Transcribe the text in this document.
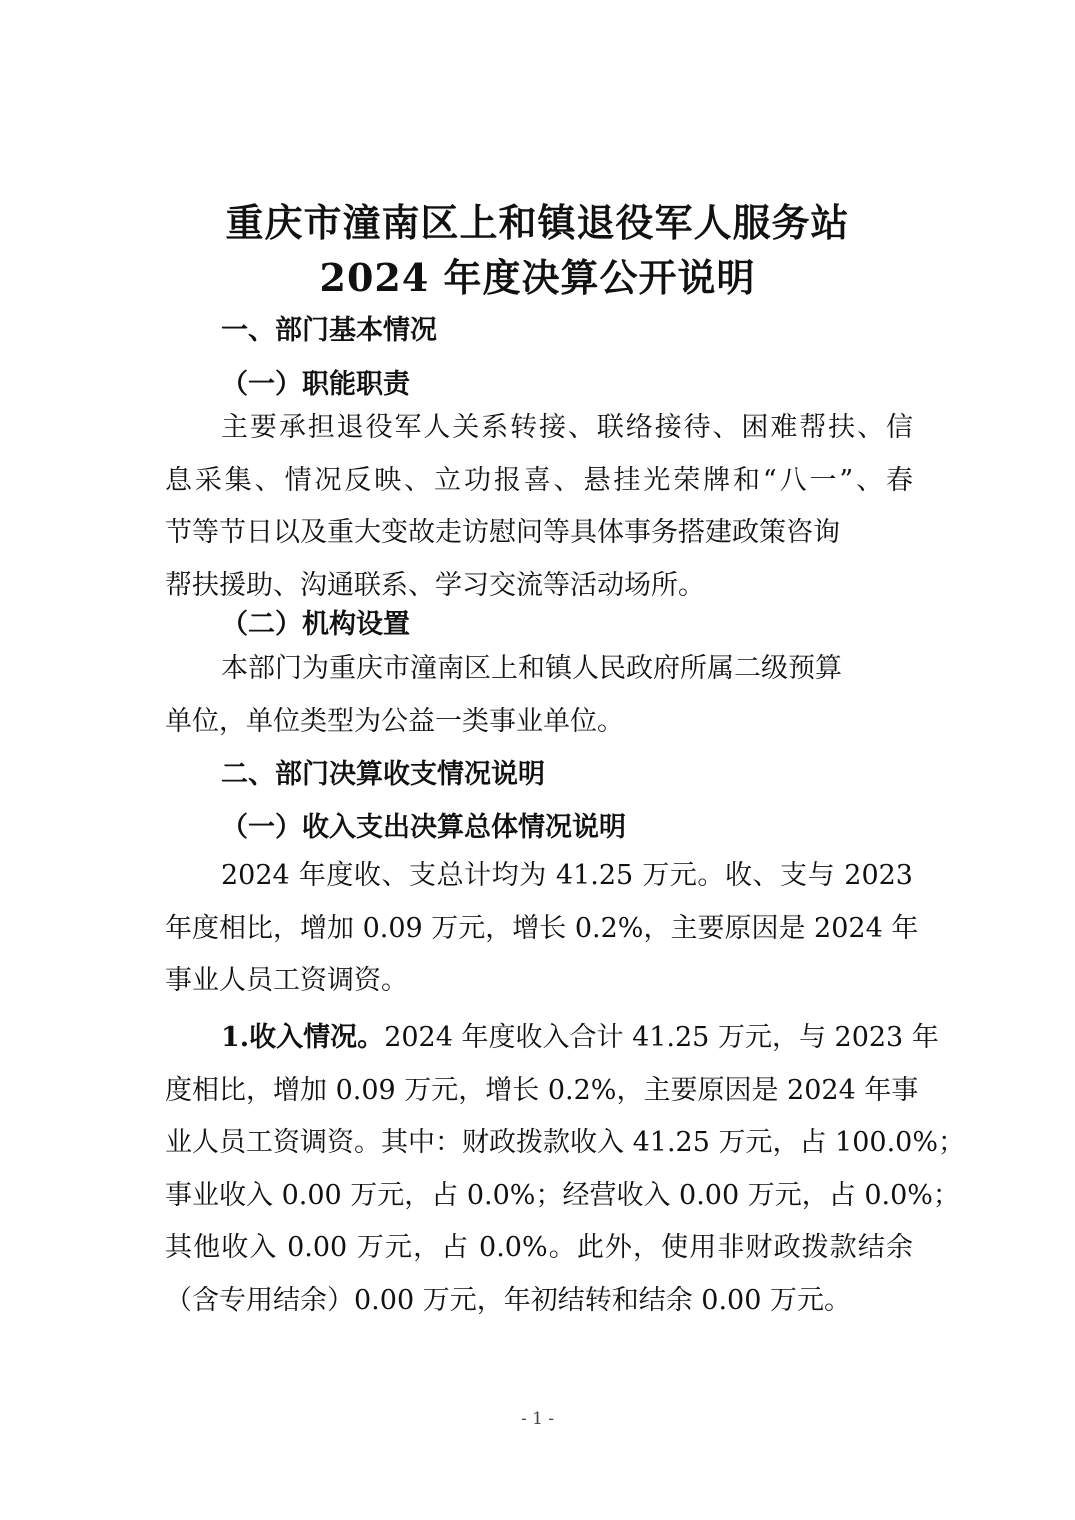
重庆市潼南区上和镇退役军人服务站
2024 年度决算公开说明
一、部门基本情况
（一）职能职责
主要承担退役军人关系转接、联络接待、困难帮扶、信
息采集、情况反映、立功报喜、悬挂光荣牌和“八一”、春
节等节日以及重大变故走访慰问等具体事务搭建政策咨询
帮扶援助、沟通联系、学习交流等活动场所。
（二）机构设置
本部门为重庆市潼南区上和镇人民政府所属二级预算
单位，单位类型为公益一类事业单位。
二、部门决算收支情况说明
（一）收入支出决算总体情况说明
2024 年度收、支总计均为 41.25 万元。收、支与 2023
年度相比，增加 0.09 万元，增长 0.2%，主要原因是 2024 年
事业人员工资调资。
1.收入情况。 2024 年度收入合计 41.25 万元，与 2023 年
度相比，增加 0.09 万元，增长 0.2%，主要原因是 2024 年事
业人员工资调资。其中：财政拨款收入 41.25 万元，占 100.0%；
事业收入 0.00 万元，占 0.0%；经营收入 0.00 万元，占 0.0%；
其他收入 0.00 万元，占 0.0%。此外，使用非财政拨款结余
（含专用结余）0.00 万元，年初结转和结余 0.00 万元。
- 1 -
